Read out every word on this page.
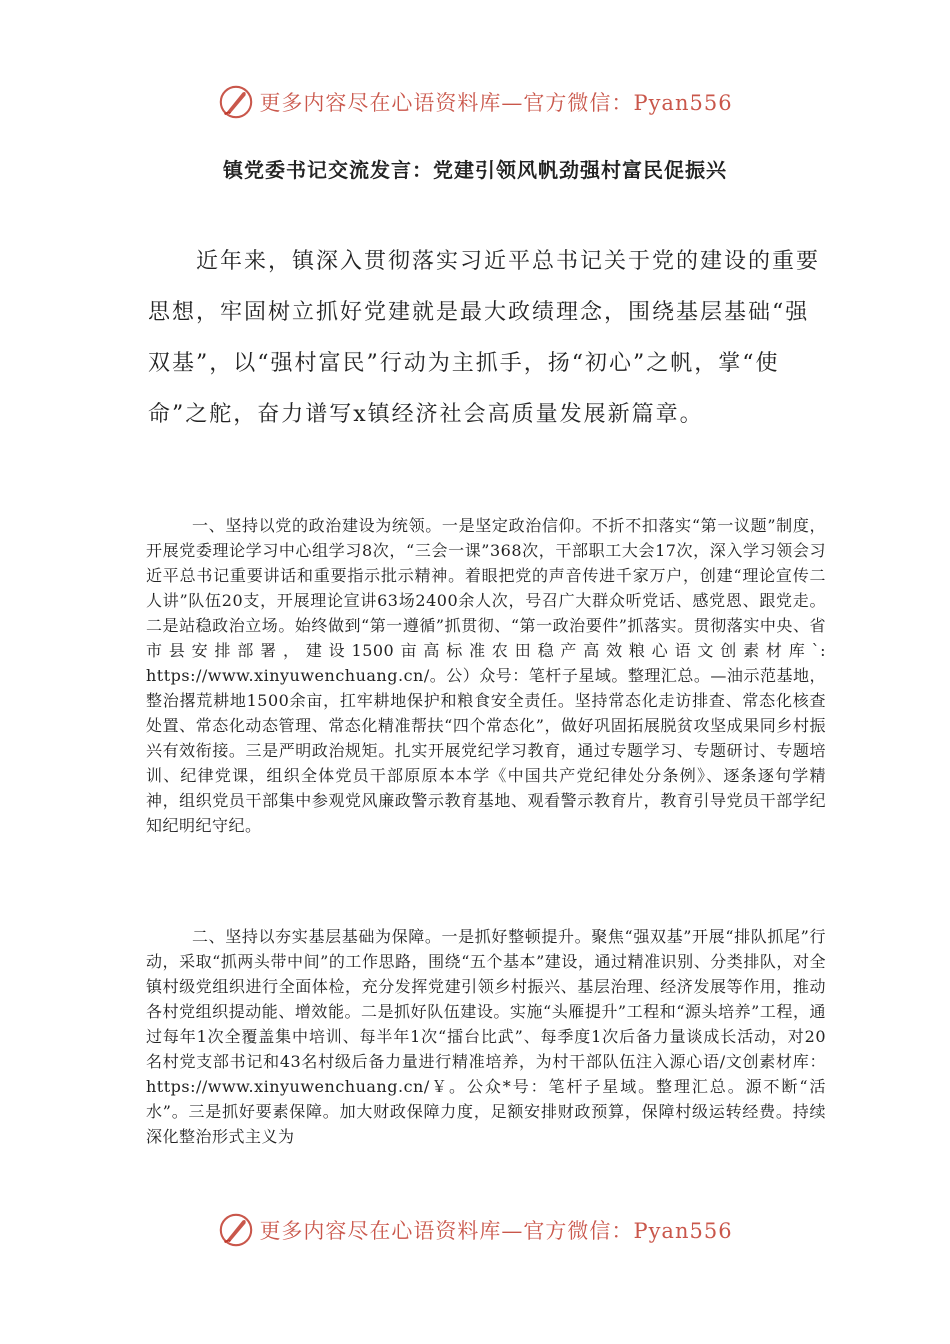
更多内容尽在心语资料库—官方微信：Pyan556
镇党委书记交流发言：党建引领风帆劲强村富民促振兴

近年来，镇深入贯彻落实习近平总书记关于党的建设的重要思想，牢固树立抓好党建就是最大政绩理念，围绕基层基础“强双基”，以“强村富民”行动为主抓手，扬“初心”之帆，掌“使命”之舵，奋力谱写x镇经济社会高质量发展新篇章。

一、坚持以党的政治建设为统领。一是坚定政治信仰。不折不扣落实“第一议题”制度，开展党委理论学习中心组学习8次，“三会一课”368次，干部职工大会17次，深入学习领会习近平总书记重要讲话和重要指示批示精神。着眼把党的声音传进千家万户，创建“理论宣传二人讲”队伍20支，开展理论宣讲63场2400余人次，号召广大群众听党话、感党恩、跟党走。二是站稳政治立场。始终做到“第一遵循”抓贯彻、“第一政治要件”抓落实。贯彻落实中央、省市县安排部署，建设1500亩高标准农田稳产高效粮心语文创素材库`: https://www.xinyuwenchuang.cn/。公）众号：笔杆子星域。整理汇总。—油示范基地，整治撂荒耕地1500余亩，扛牢耕地保护和粮食安全责任。坚持常态化走访排查、常态化核查处置、常态化动态管理、常态化精准帮扶“四个常态化”，做好巩固拓展脱贫攻坚成果同乡村振兴有效衔接。三是严明政治规矩。扎实开展党纪学习教育，通过专题学习、专题研讨、专题培训、纪律党课，组织全体党员干部原原本本学《中国共产党纪律处分条例》、逐条逐句学精神，组织党员干部集中参观党风廉政警示教育基地、观看警示教育片，教育引导党员干部学纪知纪明纪守纪。

二、坚持以夯实基层基础为保障。一是抓好整顿提升。聚焦“强双基”开展“排队抓尾”行动，采取“抓两头带中间”的工作思路，围绕“五个基本”建设，通过精准识别、分类排队，对全镇村级党组织进行全面体检，充分发挥党建引领乡村振兴、基层治理、经济发展等作用，推动各村党组织提动能、增效能。二是抓好队伍建设。实施“头雁提升”工程和“源头培养”工程，通过每年1次全覆盖集中培训、每半年1次“擂台比武”、每季度1次后备力量谈成长活动，对20名村党支部书记和43名村级后备力量进行精准培养，为村干部队伍注入源心语/文创素材库：https://www.xinyuwenchuang.cn/￥。公众*号：笔杆子星域。整理汇总。源不断“活水”。三是抓好要素保障。加大财政保障力度，足额安排财政预算，保障村级运转经费。持续深化整治形式主义为

更多内容尽在心语资料库—官方微信：Pyan556
